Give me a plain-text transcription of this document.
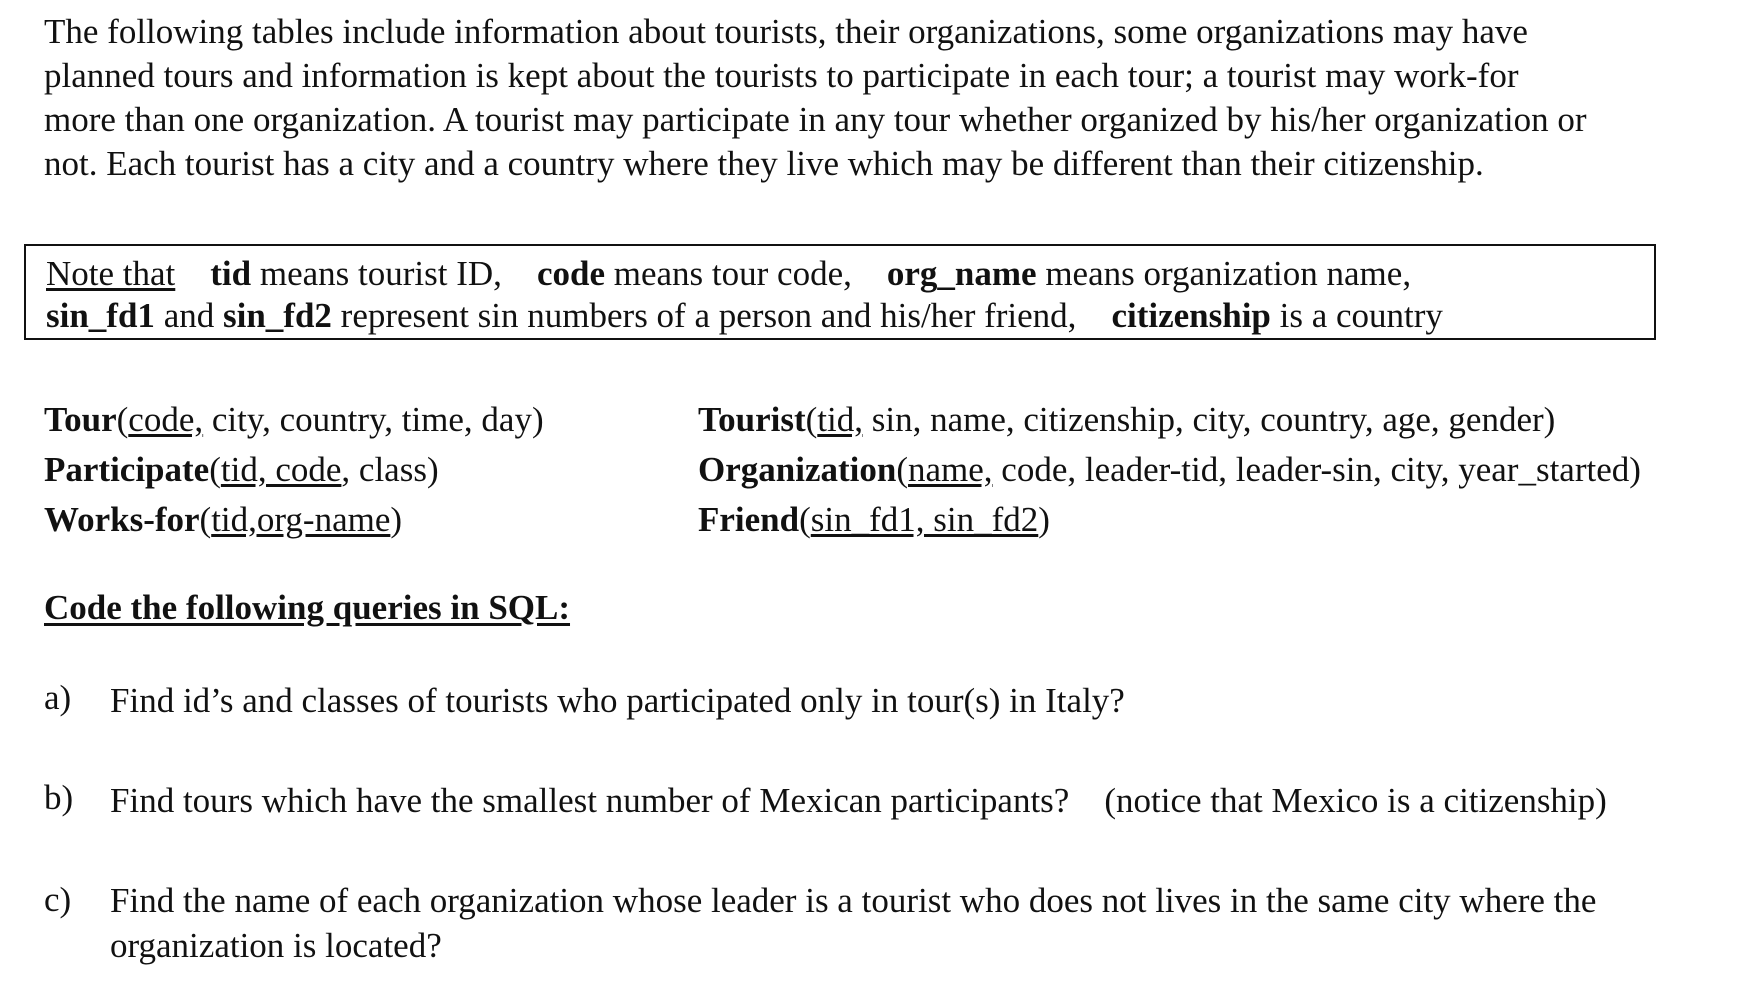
The following tables include information about tourists, their organizations, some organizations may have
planned tours and information is kept about the tourists to participate in each tour; a tourist may work-for
more than one organization. A tourist may participate in any tour whether organized by his/her organization or
not. Each tourist has a city and a country where they live which may be different than their citizenship.
Note that tid means tourist ID, code means tour code, org_name means organization name,
sin_fd1 and sin_fd2 represent sin numbers of a person and his/her friend, citizenship is a country
Tour(code, city, country, time, day)
Participate(tid, code, class)
Works-for(tid,org-name)
Tourist(tid, sin, name, citizenship, city, country, age, gender)
Organization(name, code, leader-tid, leader-sin, city, year_started)
Friend(sin_fd1, sin_fd2)
Code the following queries in SQL:
a) Find id’s and classes of tourists who participated only in tour(s) in Italy?
b) Find tours which have the smallest number of Mexican participants?    (notice that Mexico is a citizenship)
c) Find the name of each organization whose leader is a tourist who does not lives in the same city where the organization is located?
